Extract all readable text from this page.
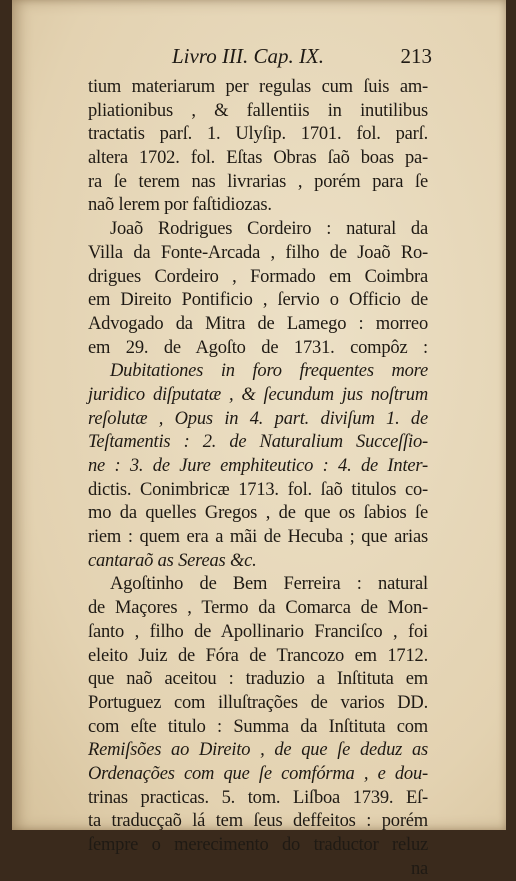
Livro III. Cap. IX.	213
tium materiarum per regulas cum ſuis am-
pliationibus , & fallentiis in inutilibus
tractatis parſ. 1. Ulyſip. 1701. fol. parſ.
altera 1702. fol. Eſtas Obras ſaõ boas pa-
ra ſe terem nas livrarias , porém para ſe
naõ lerem por faſtidiozas.
Joaõ Rodrigues Cordeiro : natural da
Villa da Fonte-Arcada , filho de Joaõ Ro-
drigues Cordeiro , Formado em Coimbra
em Direito Pontificio , ſervio o Officio de
Advogado da Mitra de Lamego : morreo
em 29. de Agoſto de 1731. compôz :
Dubitationes in foro frequentes more
juridico diſputatæ , & ſecundum jus noſtrum
reſolutæ , Opus in 4. part. diviſum 1. de
Teſtamentis : 2. de Naturalium Succeſſio-
ne : 3. de Jure emphiteutico : 4. de Inter-
dictis. Conimbricæ 1713. fol. ſaõ titulos co-
mo da quelles Gregos , de que os ſabios ſe
riem : quem era a mãi de Hecuba ; que arias
cantaraõ as Sereas &c.
Agoſtinho de Bem Ferreira : natural
de Maçores , Termo da Comarca de Mon-
ſanto , filho de Apollinario Franciſco , foi
eleito Juiz de Fóra de Trancozo em 1712.
que naõ aceitou : traduzio a Inſtituta em
Portuguez com illuſtrações de varios DD.
com eſte titulo : Summa da Inſtituta com
Remiſsões ao Direito , de que ſe deduz as
Ordenações com que ſe comfórma , e dou-
trinas practicas. 5. tom. Liſboa 1739. Eſ-
ta traducçaõ lá tem ſeus deffeitos : porém
ſempre o merecimento do traductor reluz
na
